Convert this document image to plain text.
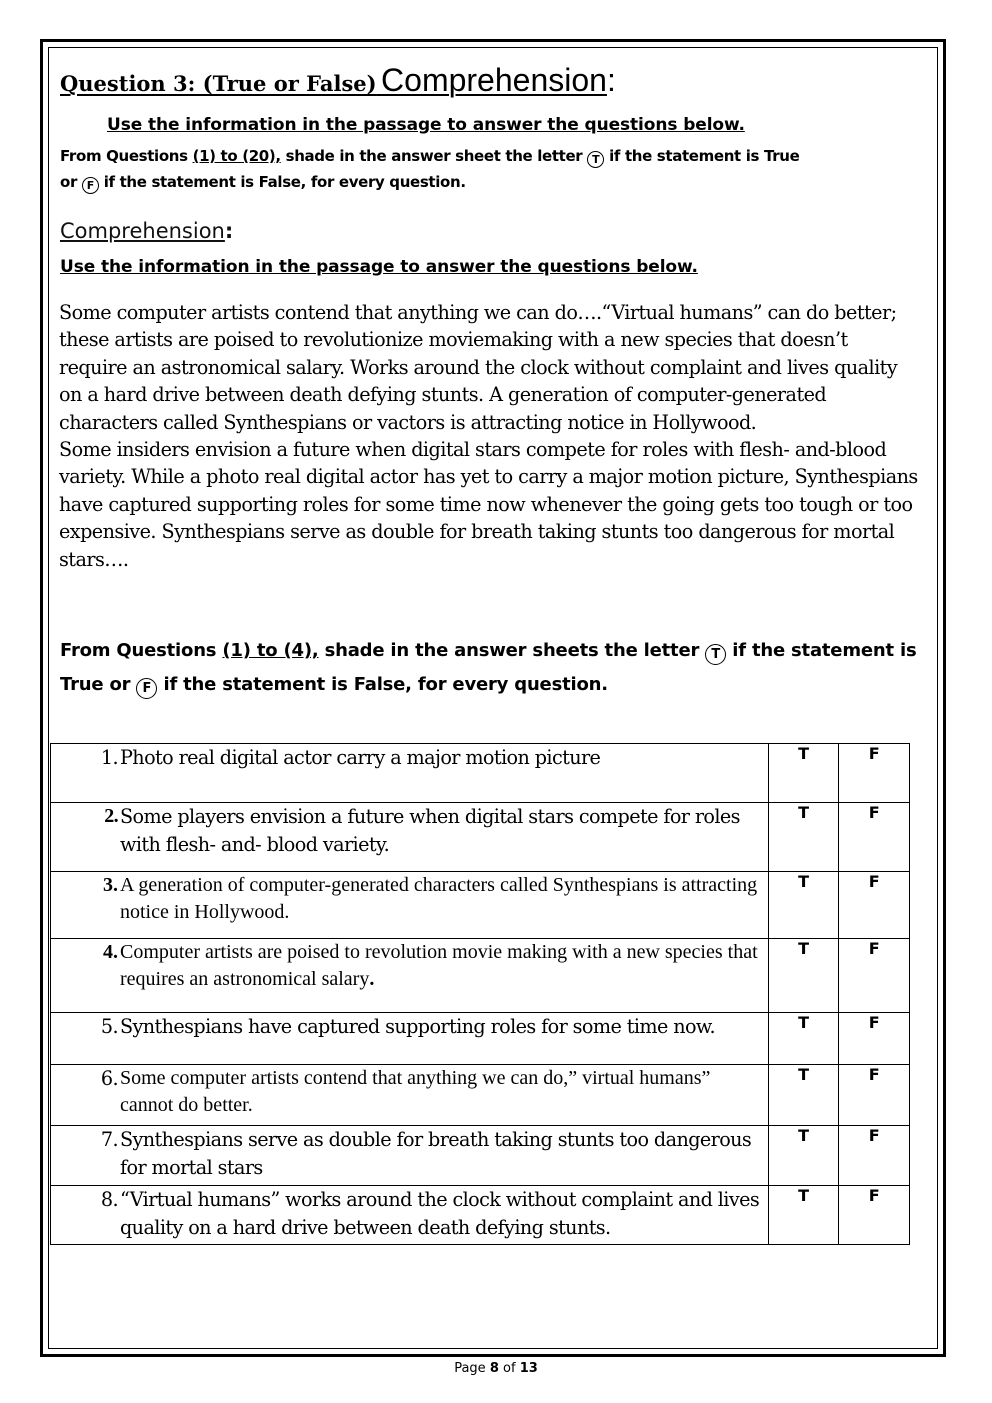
Question 3: (True or False) Comprehension:
Use the information in the passage to answer the questions below.
From Questions (1) to (20), shade in the answer sheet the letter T if the statement is True
or F if the statement is False, for every question.
Comprehension:
Use the information in the passage to answer the questions below.

Some computer artists contend that anything we can do….“Virtual humans” can do better; these artists are poised to revolutionize moviemaking with a new species that doesn’t require an astronomical salary. Works around the clock without complaint and lives quality on a hard drive between death defying stunts. A generation of computer-generated characters called Synthespians or vactors is attracting notice in Hollywood.

Some insiders envision a future when digital stars compete for roles with flesh- and-blood variety. While a photo real digital actor has yet to carry a major motion picture, Synthespians have captured supporting roles for some time now whenever the going gets too tough or too expensive. Synthespians serve as double for breath taking stunts too dangerous for mortal stars….

From Questions (1) to (4), shade in the answer sheets the letter T if the statement is
True or F if the statement is False, for every question.
1. Photo real digital actor carry a major motion picture	T	F

2. Some players envision a future when digital stars compete for roles with flesh- and- blood variety.	T	F

3. A generation of computer-generated characters called Synthespians is attracting notice in Hollywood.	T	F

4. Computer artists are poised to revolution movie making with a new species that requires an astronomical salary.	T	F

5. Synthespians have captured supporting roles for some time now.	T	F

6. Some computer artists contend that anything we can do,” virtual humans” cannot do better.	T	F

7. Synthespians serve as double for breath taking stunts too dangerous for mortal stars	T	F

8. “Virtual humans” works around the clock without complaint and lives quality on a hard drive between death defying stunts.	T	F
Page 8 of 13
